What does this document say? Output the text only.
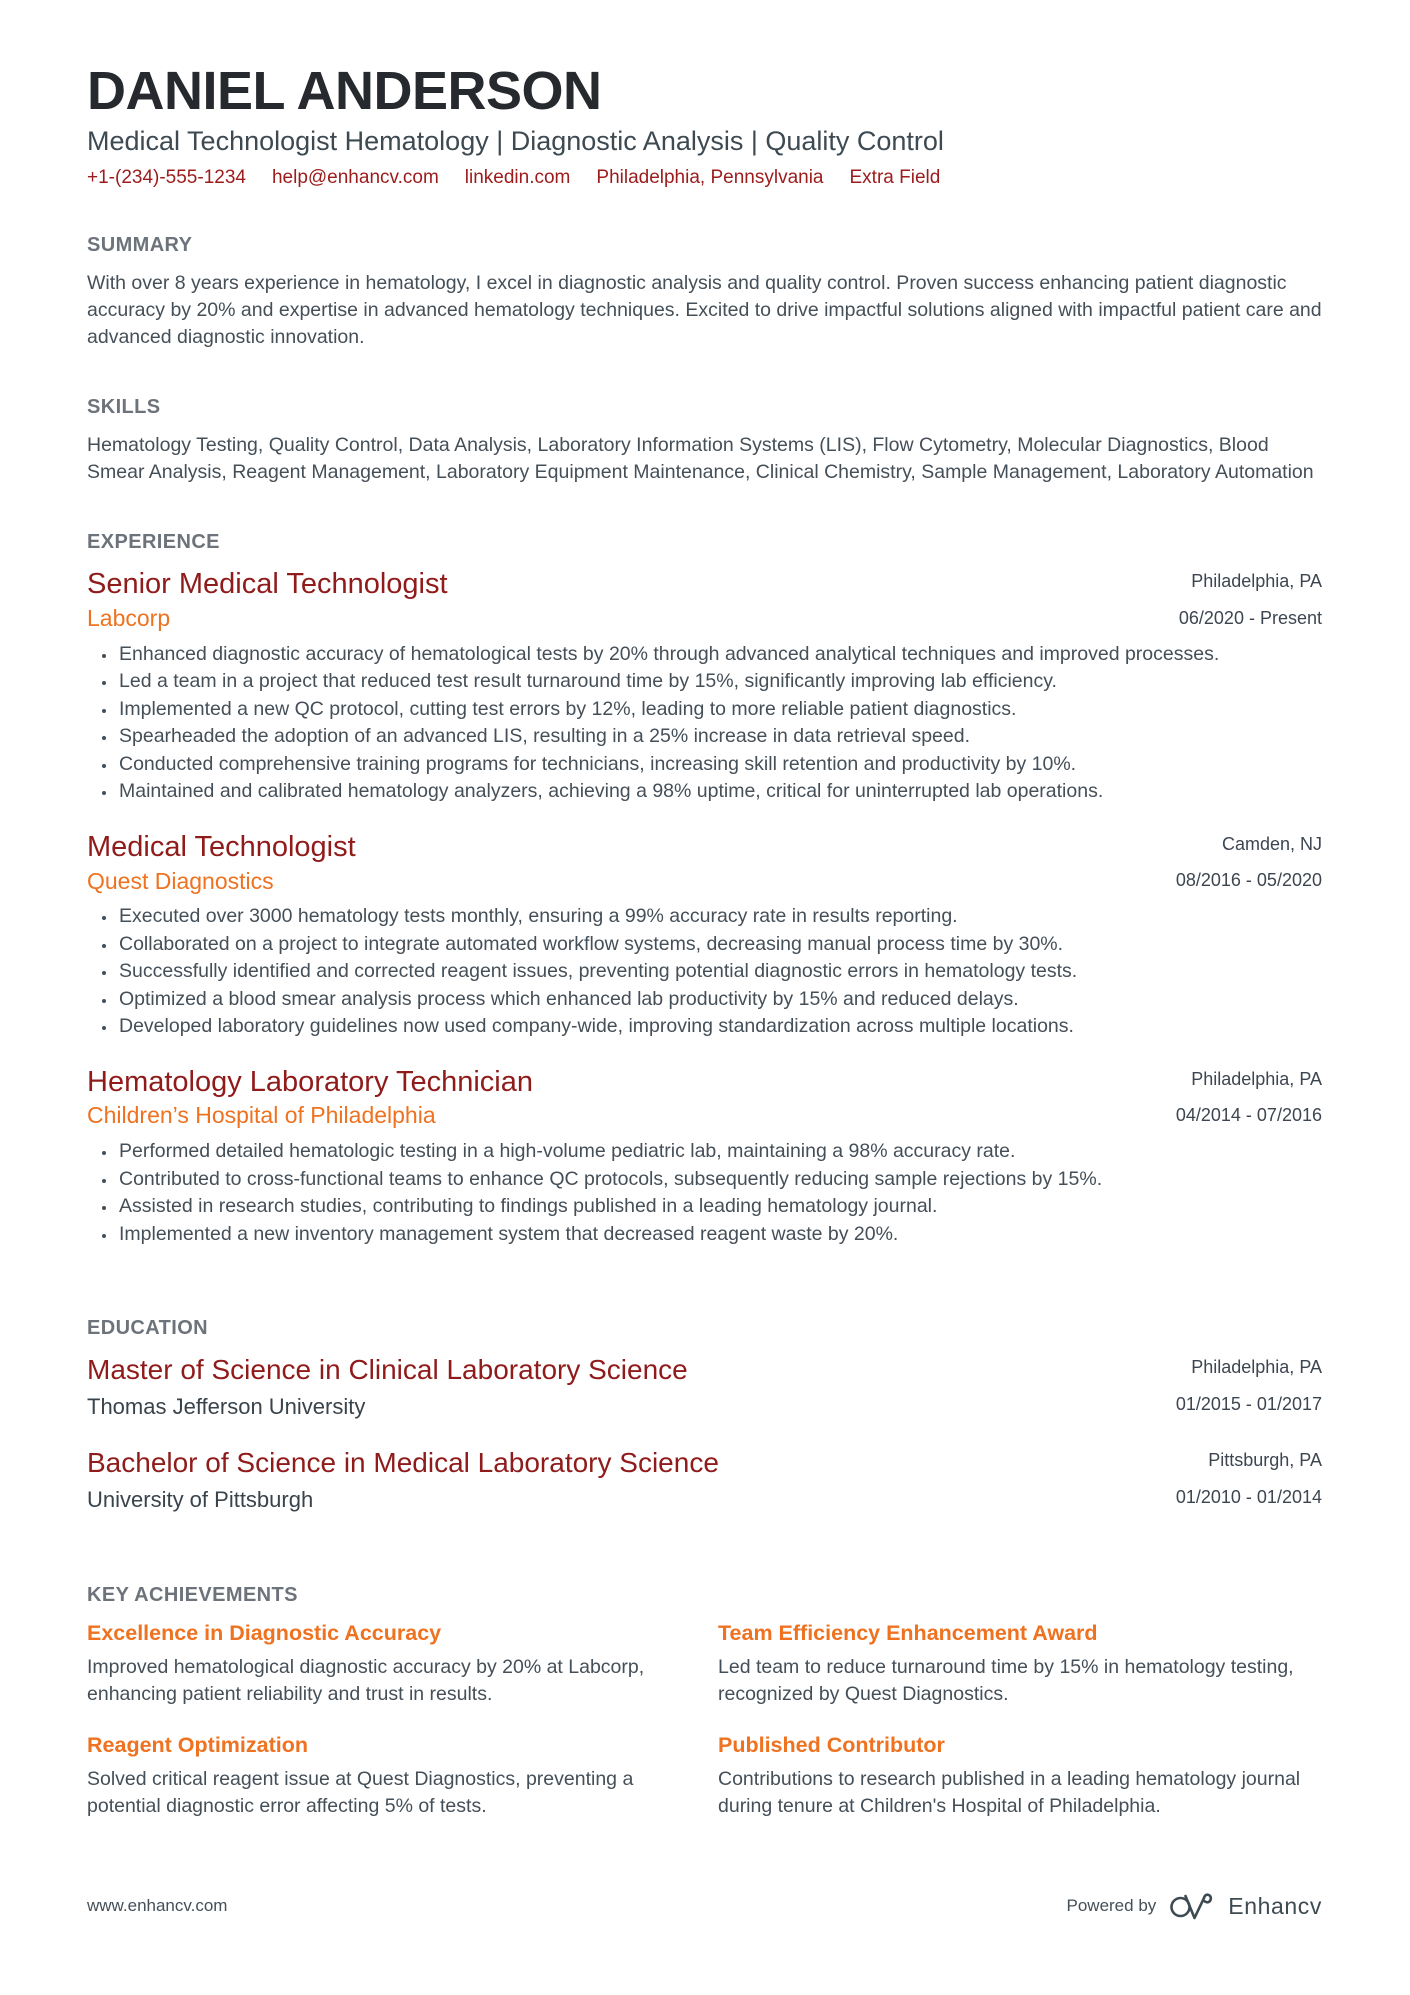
DANIEL ANDERSON
Medical Technologist Hematology | Diagnostic Analysis | Quality Control
+1-(234)-555-1234 help@enhancv.com linkedin.com Philadelphia, Pennsylvania Extra Field
SUMMARY

With over 8 years experience in hematology, I excel in diagnostic analysis and quality control. Proven success enhancing patient diagnostic accuracy by 20% and expertise in advanced hematology techniques. Excited to drive impactful solutions aligned with impactful patient care and advanced diagnostic innovation.

SKILLS

Hematology Testing, Quality Control, Data Analysis, Laboratory Information Systems (LIS), Flow Cytometry, Molecular Diagnostics, Blood Smear Analysis, Reagent Management, Laboratory Equipment Maintenance, Clinical Chemistry, Sample Management, Laboratory Automation

EXPERIENCE
Senior Medical Technologist
Labcorp
Philadelphia, PA
06/2020 - Present
• Enhanced diagnostic accuracy of hematological tests by 20% through advanced analytical techniques and improved processes.
• Led a team in a project that reduced test result turnaround time by 15%, significantly improving lab efficiency.
• Implemented a new QC protocol, cutting test errors by 12%, leading to more reliable patient diagnostics.
• Spearheaded the adoption of an advanced LIS, resulting in a 25% increase in data retrieval speed.
• Conducted comprehensive training programs for technicians, increasing skill retention and productivity by 10%.
• Maintained and calibrated hematology analyzers, achieving a 98% uptime, critical for uninterrupted lab operations.
Medical Technologist
Quest Diagnostics
Camden, NJ
08/2016 - 05/2020
• Executed over 3000 hematology tests monthly, ensuring a 99% accuracy rate in results reporting.
• Collaborated on a project to integrate automated workflow systems, decreasing manual process time by 30%.
• Successfully identified and corrected reagent issues, preventing potential diagnostic errors in hematology tests.
• Optimized a blood smear analysis process which enhanced lab productivity by 15% and reduced delays.
• Developed laboratory guidelines now used company-wide, improving standardization across multiple locations.
Hematology Laboratory Technician
Children’s Hospital of Philadelphia
Philadelphia, PA
04/2014 - 07/2016
• Performed detailed hematologic testing in a high-volume pediatric lab, maintaining a 98% accuracy rate.
• Contributed to cross-functional teams to enhance QC protocols, subsequently reducing sample rejections by 15%.
• Assisted in research studies, contributing to findings published in a leading hematology journal.
• Implemented a new inventory management system that decreased reagent waste by 20%.
EDUCATION
Master of Science in Clinical Laboratory Science
Thomas Jefferson University
Philadelphia, PA
01/2015 - 01/2017
Bachelor of Science in Medical Laboratory Science
University of Pittsburgh
Pittsburgh, PA
01/2010 - 01/2014
KEY ACHIEVEMENTS
Excellence in Diagnostic Accuracy

Improved hematological diagnostic accuracy by 20% at Labcorp, enhancing patient reliability and trust in results.

Team Efficiency Enhancement Award

Led team to reduce turnaround time by 15% in hematology testing, recognized by Quest Diagnostics.

Reagent Optimization

Solved critical reagent issue at Quest Diagnostics, preventing a potential diagnostic error affecting 5% of tests.

Published Contributor

Contributions to research published in a leading hematology journal during tenure at Children's Hospital of Philadelphia.

www.enhancv.com	Powered by	Enhancv
